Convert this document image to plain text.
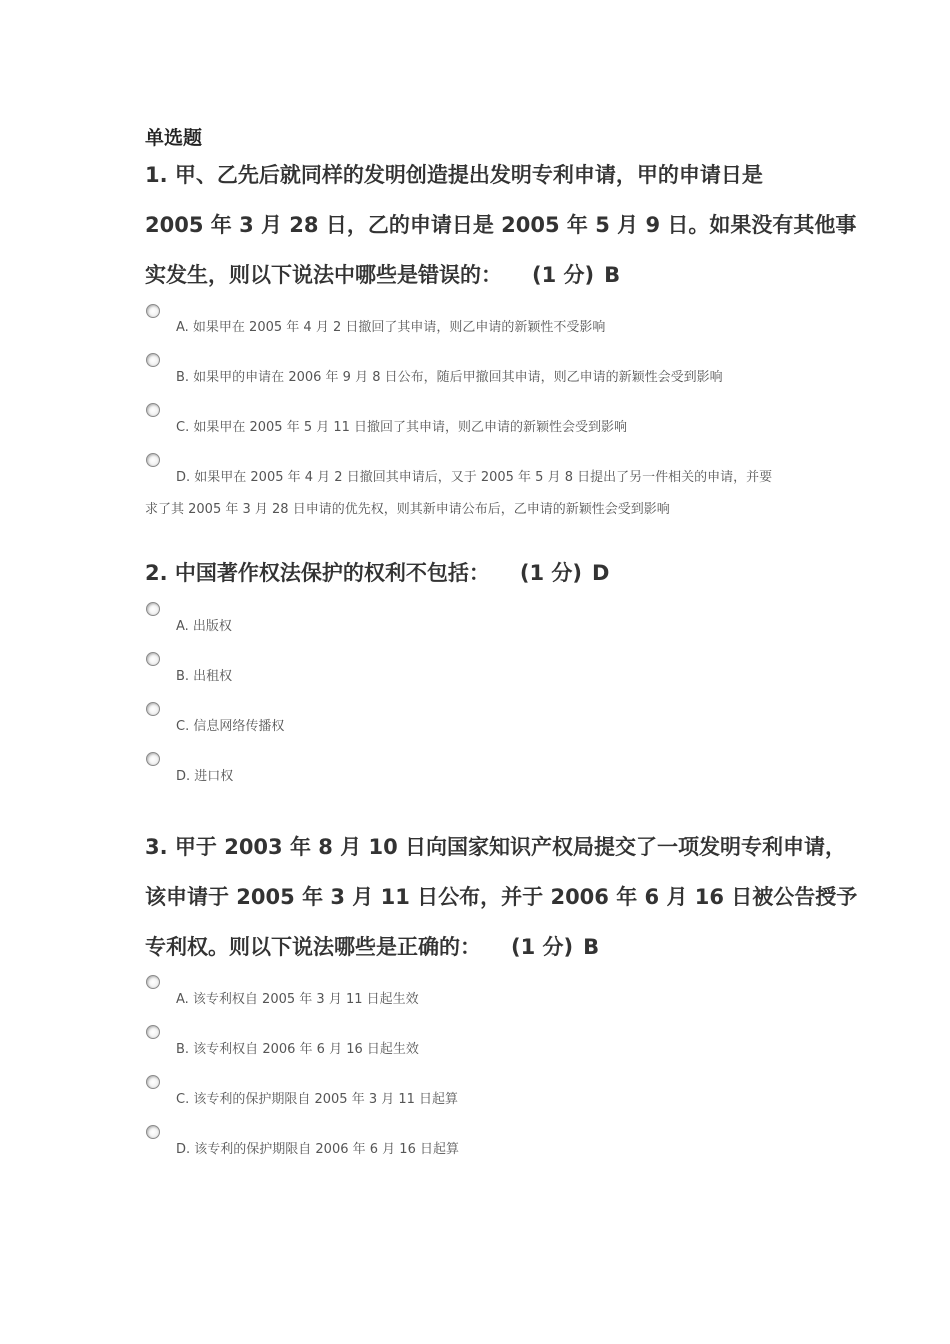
单选题
1. 甲、乙先后就同样的发明创造提出发明专利申请，甲的申请日是
2005 年 3 月 28 日，乙的申请日是 2005 年 5 月 9 日。如果没有其他事
实发生，则以下说法中哪些是错误的： (1 分) B
A. 如果甲在 2005 年 4 月 2 日撤回了其申请，则乙申请的新颖性不受影响
B. 如果甲的申请在 2006 年 9 月 8 日公布，随后甲撤回其申请，则乙申请的新颖性会受到影响
C. 如果甲在 2005 年 5 月 11 日撤回了其申请，则乙申请的新颖性会受到影响
D. 如果甲在 2005 年 4 月 2 日撤回其申请后，又于 2005 年 5 月 8 日提出了另一件相关的申请，并要
求了其 2005 年 3 月 28 日申请的优先权，则其新申请公布后，乙申请的新颖性会受到影响
2. 中国著作权法保护的权利不包括： (1 分) D
A. 出版权
B. 出租权
C. 信息网络传播权
D. 进口权
3. 甲于 2003 年 8 月 10 日向国家知识产权局提交了一项发明专利申请，
该申请于 2005 年 3 月 11 日公布，并于 2006 年 6 月 16 日被公告授予
专利权。则以下说法哪些是正确的： (1 分) B
A. 该专利权自 2005 年 3 月 11 日起生效
B. 该专利权自 2006 年 6 月 16 日起生效
C. 该专利的保护期限自 2005 年 3 月 11 日起算
D. 该专利的保护期限自 2006 年 6 月 16 日起算
